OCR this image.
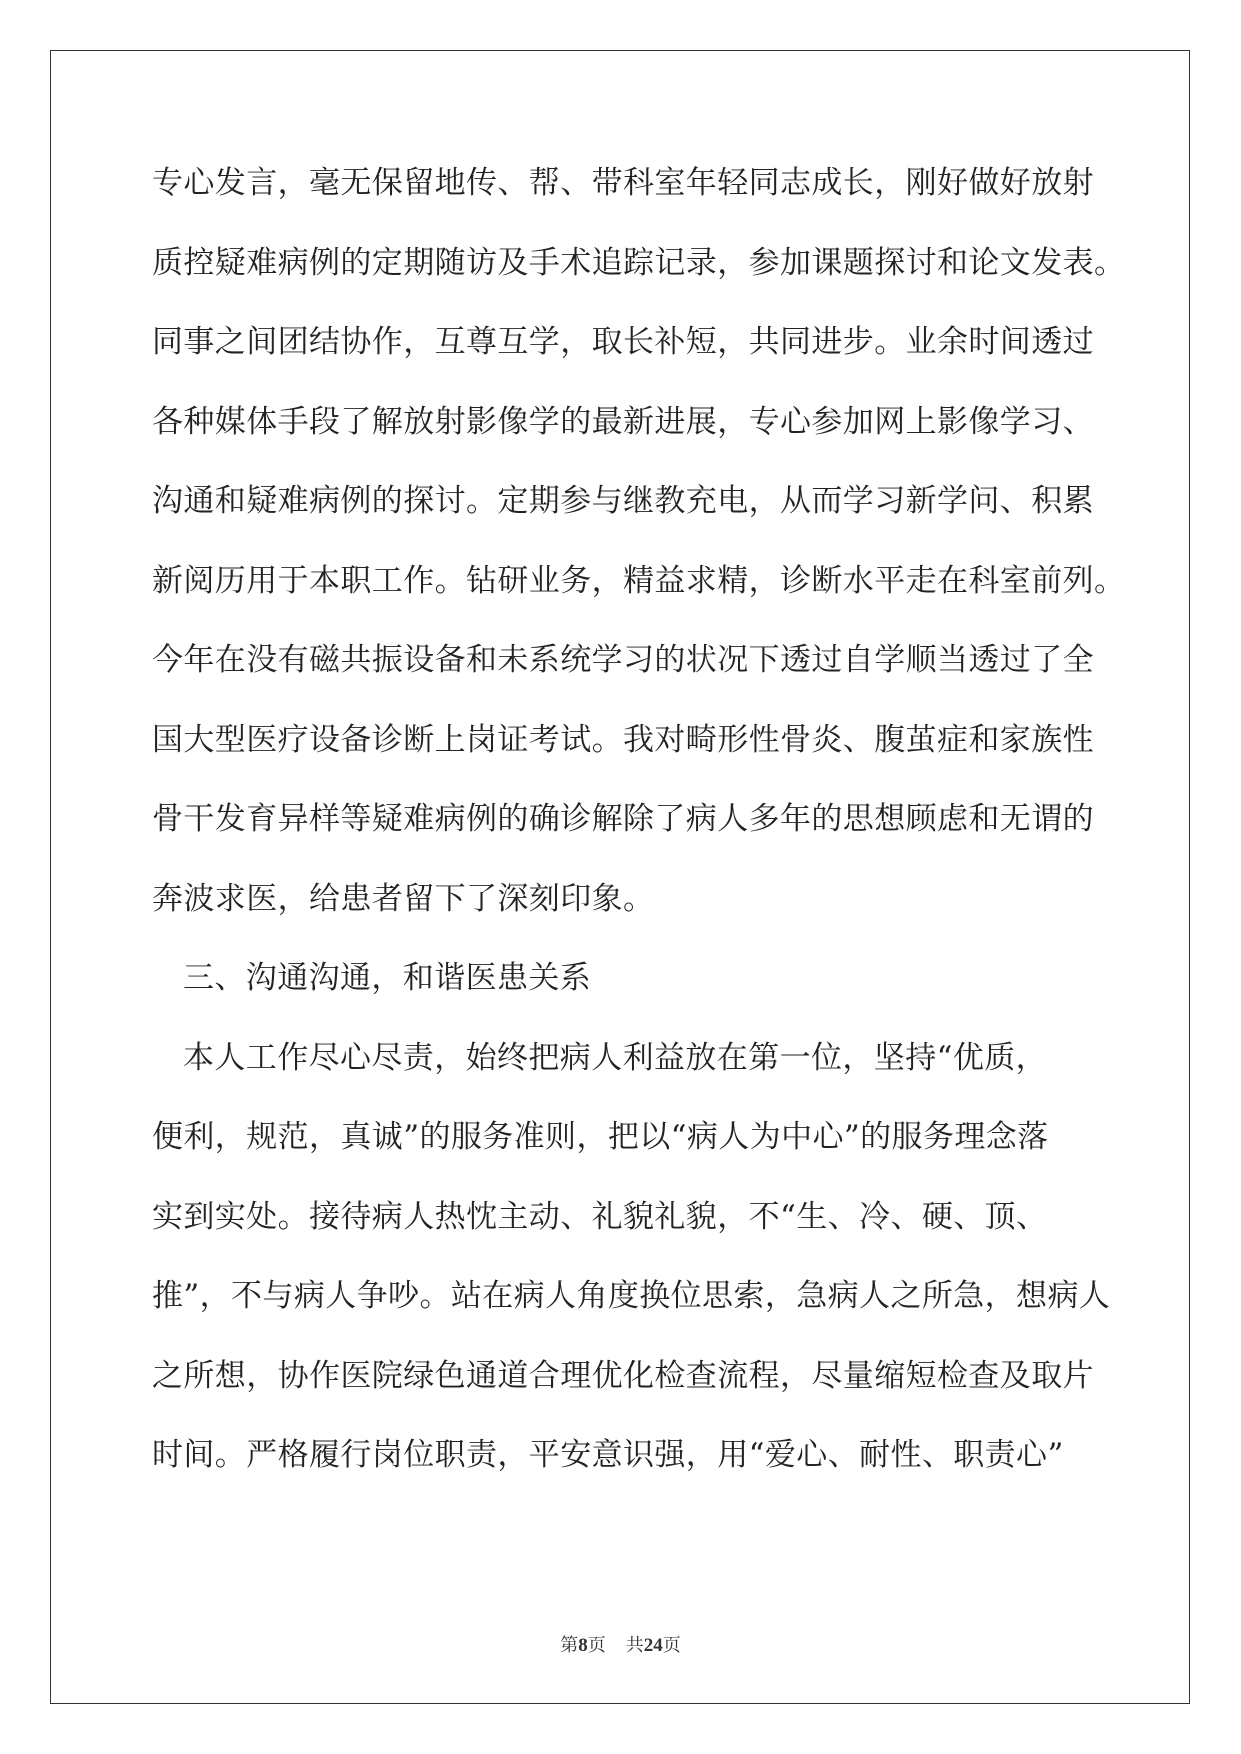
专心发言，毫无保留地传、帮、带科室年轻同志成长，刚好做好放射
质控疑难病例的定期随访及手术追踪记录，参加课题探讨和论文发表。
同事之间团结协作，互尊互学，取长补短，共同进步。业余时间透过
各种媒体手段了解放射影像学的最新进展，专心参加网上影像学习、
沟通和疑难病例的探讨。定期参与继教充电，从而学习新学问、积累
新阅历用于本职工作。钻研业务，精益求精，诊断水平走在科室前列。
今年在没有磁共振设备和未系统学习的状况下透过自学顺当透过了全
国大型医疗设备诊断上岗证考试。我对畸形性骨炎、腹茧症和家族性
骨干发育异样等疑难病例的确诊解除了病人多年的思想顾虑和无谓的
奔波求医，给患者留下了深刻印象。
三、沟通沟通，和谐医患关系
本人工作尽心尽责，始终把病人利益放在第一位，坚持“优质，
便利，规范，真诚”的服务准则，把以“病人为中心”的服务理念落
实到实处。接待病人热忱主动、礼貌礼貌，不“生、冷、硬、顶、
推”，不与病人争吵。站在病人角度换位思索，急病人之所急，想病人
之所想，协作医院绿色通道合理优化检查流程，尽量缩短检查及取片
时间。严格履行岗位职责，平安意识强，用“爱心、耐性、职责心”
第8页 共24页
